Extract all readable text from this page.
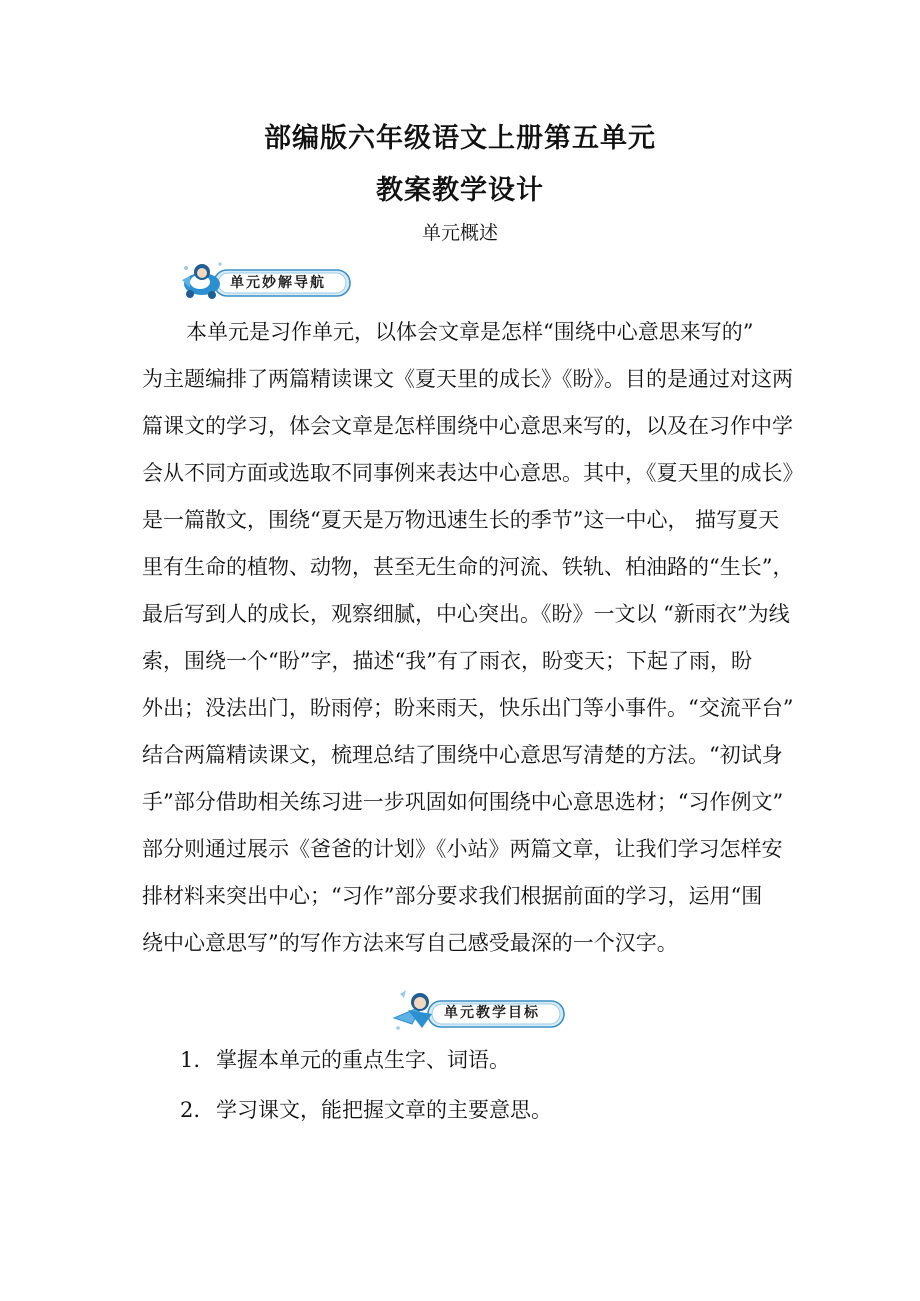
部编版六年级语文上册第五单元
教案教学设计

单元概述

单元妙解导航
本单元是习作单元，以体会文章是怎样“围绕中心意思来写的”
为主题编排了两篇精读课文《夏天里的成长》《盼》。目的是通过对这两
篇课文的学习，体会文章是怎样围绕中心意思来写的，以及在习作中学
会从不同方面或选取不同事例来表达中心意思。其中，《夏天里的成长》
是一篇散文，围绕“夏天是万物迅速生长的季节”这一中心， 描写夏天
里有生命的植物、动物，甚至无生命的河流、铁轨、柏油路的“生长”，
最后写到人的成长，观察细腻，中心突出。《盼》一文以 “新雨衣”为线
索，围绕一个“盼”字，描述“我”有了雨衣，盼变天；下起了雨，盼
外出；没法出门，盼雨停；盼来雨天，快乐出门等小事件。“交流平台”
结合两篇精读课文，梳理总结了围绕中心意思写清楚的方法。“初试身
手”部分借助相关练习进一步巩固如何围绕中心意思选材；“习作例文”
部分则通过展示《爸爸的计划》《小站》两篇文章，让我们学习怎样安
排材料来突出中心；“习作”部分要求我们根据前面的学习，运用“围
绕中心意思写”的写作方法来写自己感受最深的一个汉字。
单元教学目标
1. 掌握本单元的重点生字、词语。
2. 学习课文，能把握文章的主要意思。
